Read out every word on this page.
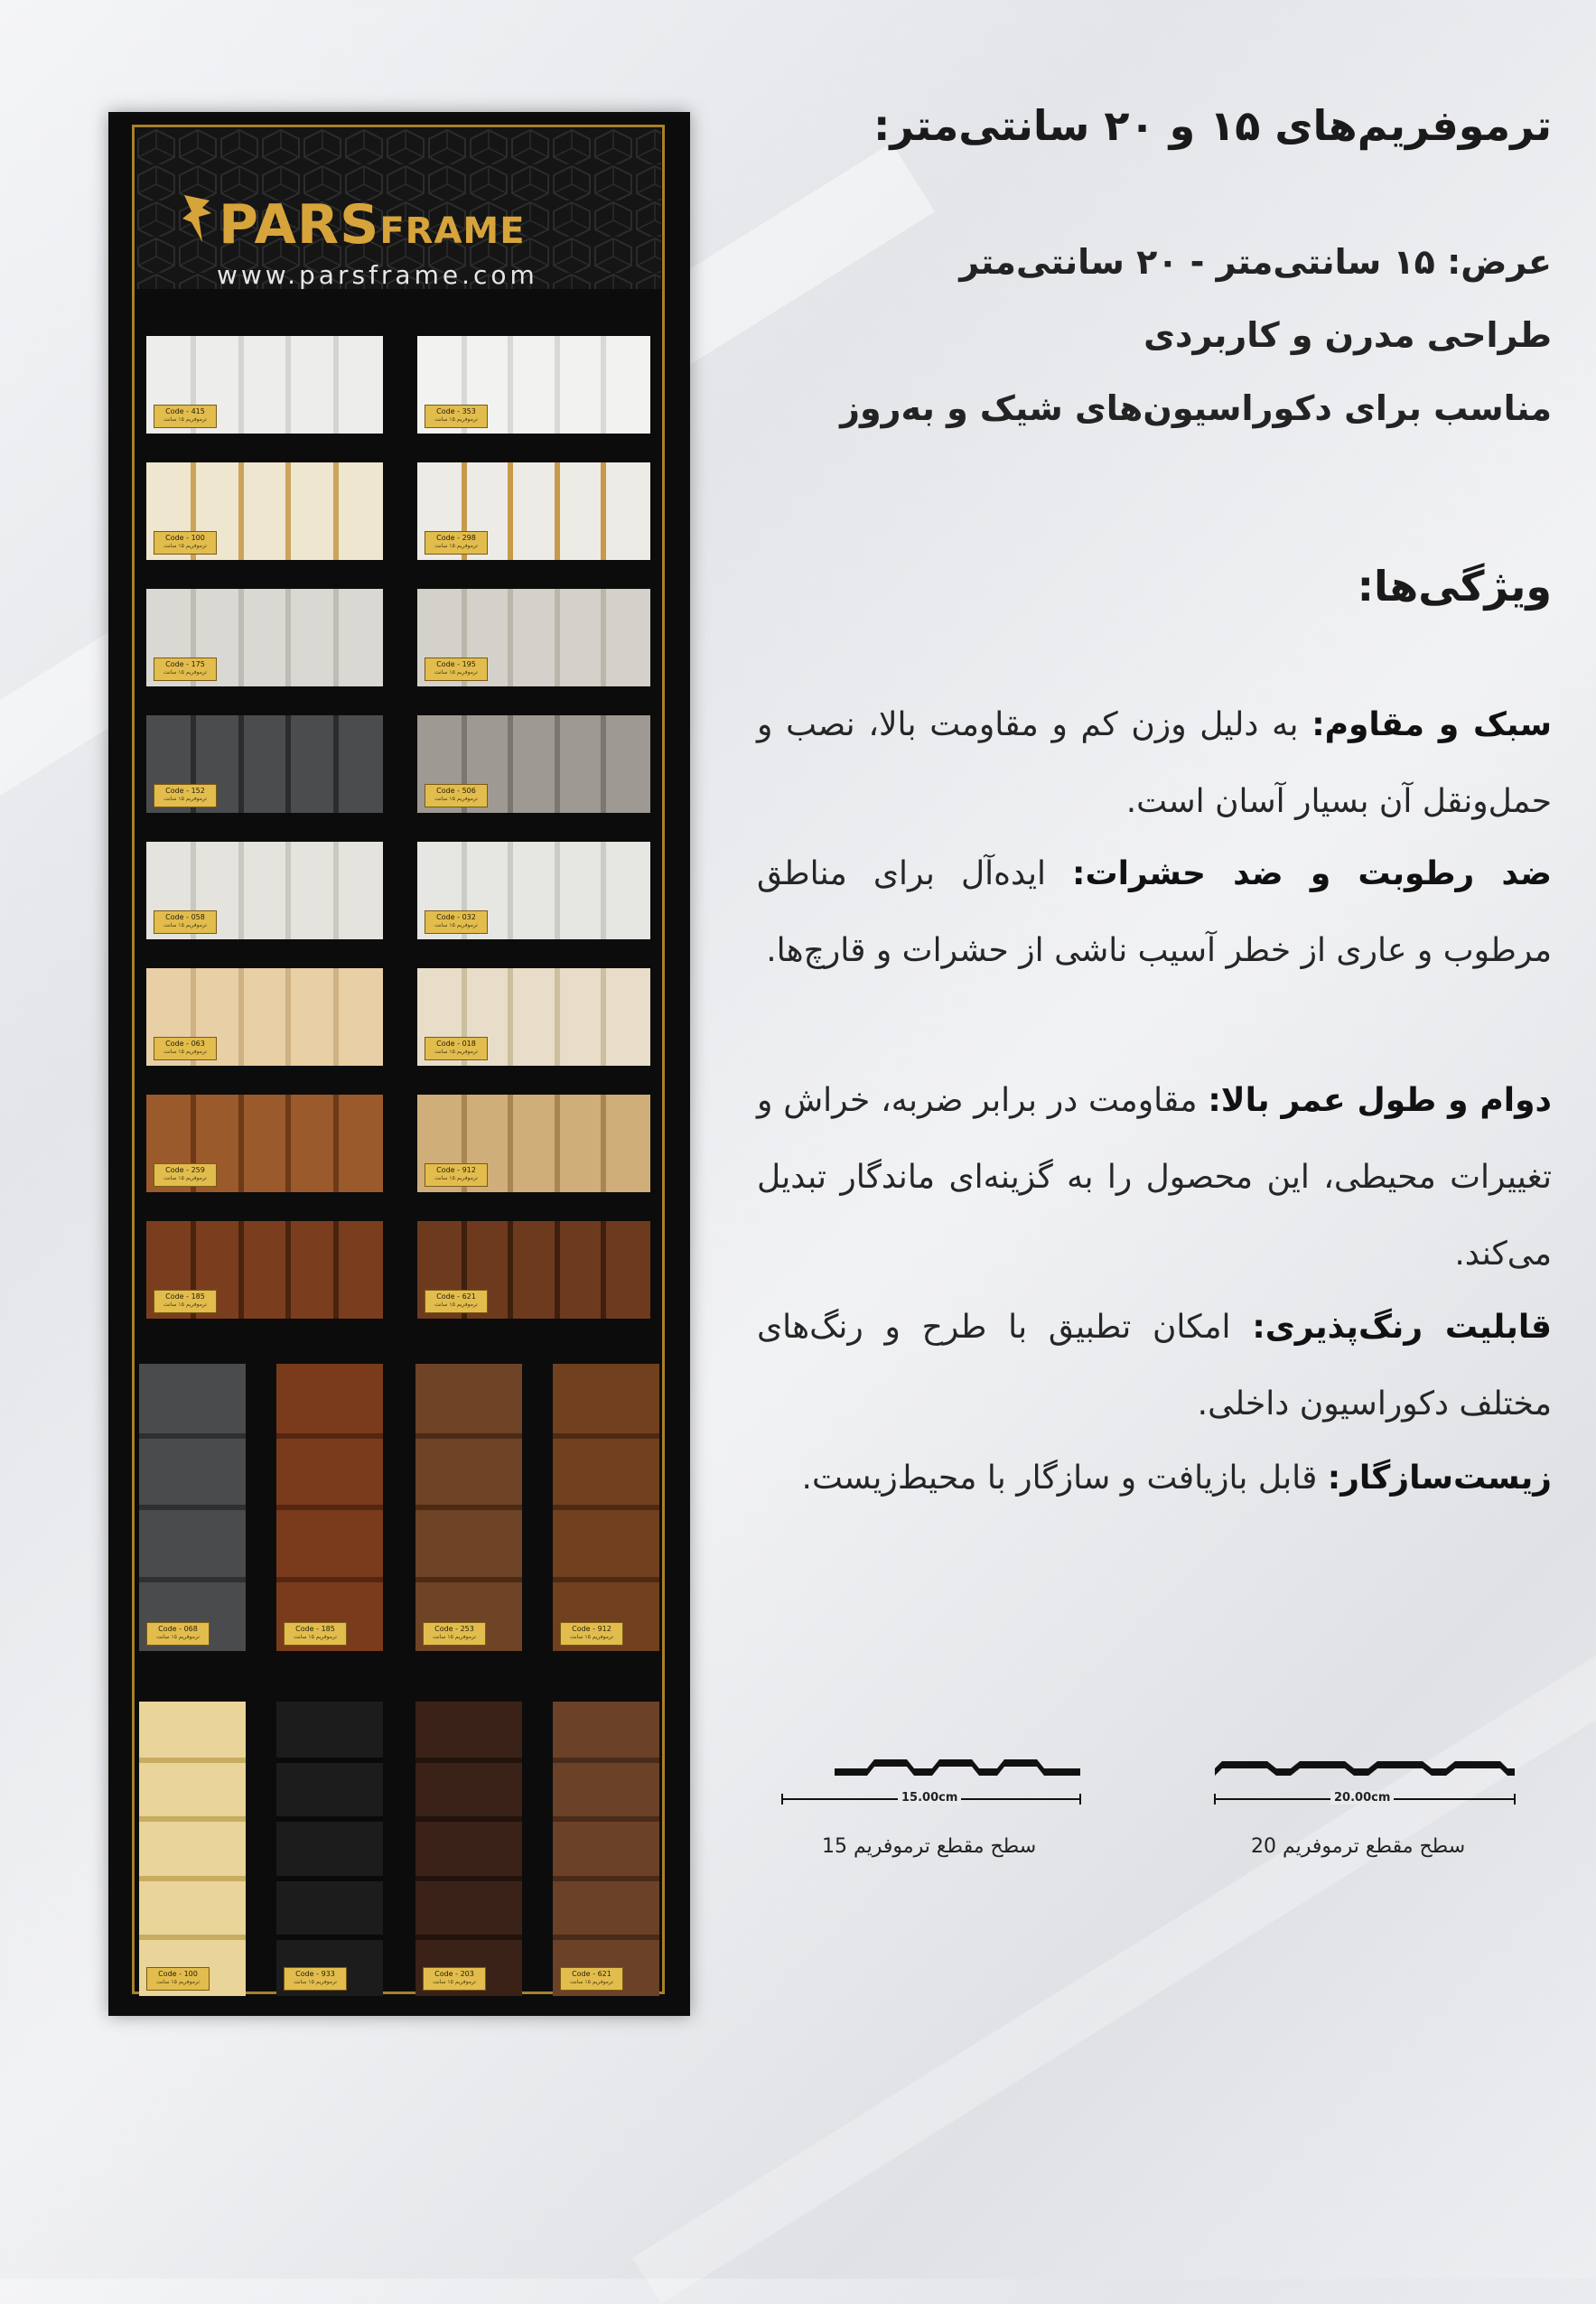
PARSFRAME
www.parsframe.com
Code - 415
ترموفریم ۱۵ سانت
Code - 353
ترموفریم ۱۵ سانت
Code - 100
ترموفریم ۱۵ سانت
Code - 298
ترموفریم ۱۵ سانت
Code - 175
ترموفریم ۱۵ سانت
Code - 195
ترموفریم ۱۵ سانت
Code - 152
ترموفریم ۱۵ سانت
Code - 506
ترموفریم ۱۵ سانت
Code - 058
ترموفریم ۱۵ سانت
Code - 032
ترموفریم ۱۵ سانت
Code - 063
ترموفریم ۱۵ سانت
Code - 018
ترموفریم ۱۵ سانت
Code - 259
ترموفریم ۱۵ سانت
Code - 912
ترموفریم ۱۵ سانت
Code - 185
ترموفریم ۱۵ سانت
Code - 621
ترموفریم ۱۵ سانت
Code - 068
ترموفریم ۱۵ سانت
Code - 185
ترموفریم ۱۵ سانت
Code - 253
ترموفریم ۱۵ سانت
Code - 912
ترموفریم ۱۵ سانت
Code - 100
ترموفریم ۱۵ سانت
Code - 933
ترموفریم ۱۵ سانت
Code - 203
ترموفریم ۱۵ سانت
Code - 621
ترموفریم ۱۵ سانت
ترموفریم‌های ۱۵ و ۲۰ سانتی‌متر:
عرض: ۱۵ سانتی‌متر - ۲۰ سانتی‌متر
طراحی مدرن و کاربردی
مناسب برای دکوراسیون‌های شیک و به‌روز
ویژگی‌ها:
سبک و مقاوم: به دلیل وزن کم و مقاومت بالا، نصب و حمل‌ونقل آن بسیار آسان است.
ضد رطوبت و ضد حشرات: ایده‌آل برای مناطق مرطوب و عاری از خطر آسیب ناشی از حشرات و قارچ‌ها.
دوام و طول عمر بالا: مقاومت در برابر ضربه، خراش و تغییرات محیطی، این محصول را به گزینه‌ای ماندگار تبدیل می‌کند.
قابلیت رنگ‌پذیری: امکان تطبیق با طرح و رنگ‌های مختلف دکوراسیون داخلی.
زیست‌سازگار: قابل بازیافت و سازگار با محیط‌زیست.
15.00cm
سطح مقطع ترموفریم 15
20.00cm
سطح مقطع ترموفریم 20
